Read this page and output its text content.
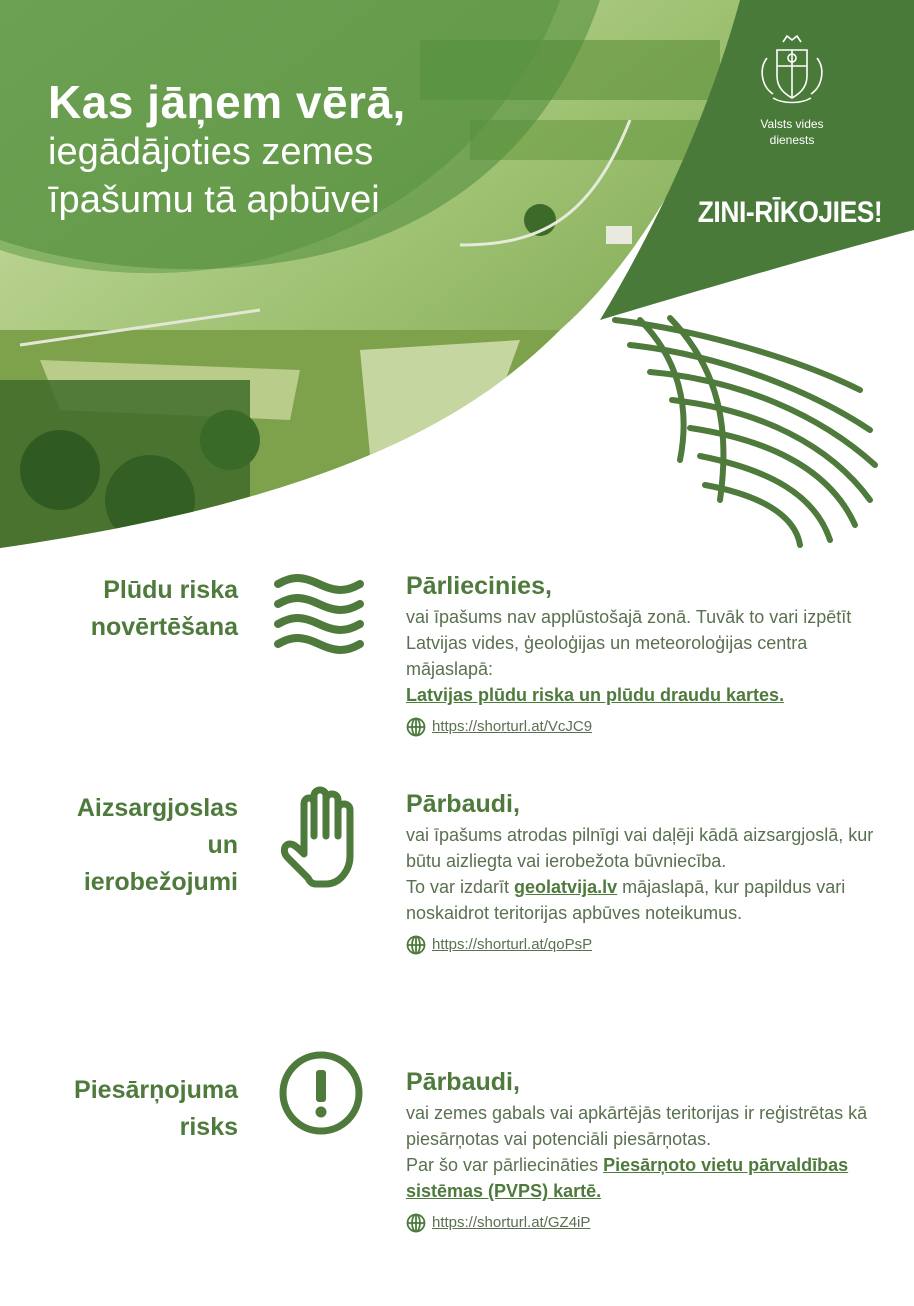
Kas jāņem vērā,
iegādājoties zemes
īpašumu tā apbūvei
Valsts vides
dienests
ZINI-RĪKOJIES!
Plūdu riska
novērtēšana
Pārliecinies,
vai īpašums nav applūstošajā zonā. Tuvāk to vari izpētīt Latvijas vides, ģeoloģijas un meteoroloģijas centra mājaslapā:
Latvijas plūdu riska un plūdu draudu kartes.
https://shorturl.at/VcJC9
Aizsargjoslas
un
ierobežojumi
Pārbaudi,
vai īpašums atrodas pilnīgi vai daļēji kādā aizsargjoslā, kur būtu aizliegta vai ierobežota būvniecība.
To var izdarīt geolatvija.lv mājaslapā, kur papildus vari noskaidrot teritorijas apbūves noteikumus.
https://shorturl.at/qoPsP
Piesārņojuma
risks
Pārbaudi,
vai zemes gabals vai apkārtējās teritorijas ir reģistrētas kā piesārņotas vai potenciāli piesārņotas.
Par šo var pārliecināties Piesārņoto vietu pārvaldības sistēmas (PVPS) kartē.
https://shorturl.at/GZ4iP
